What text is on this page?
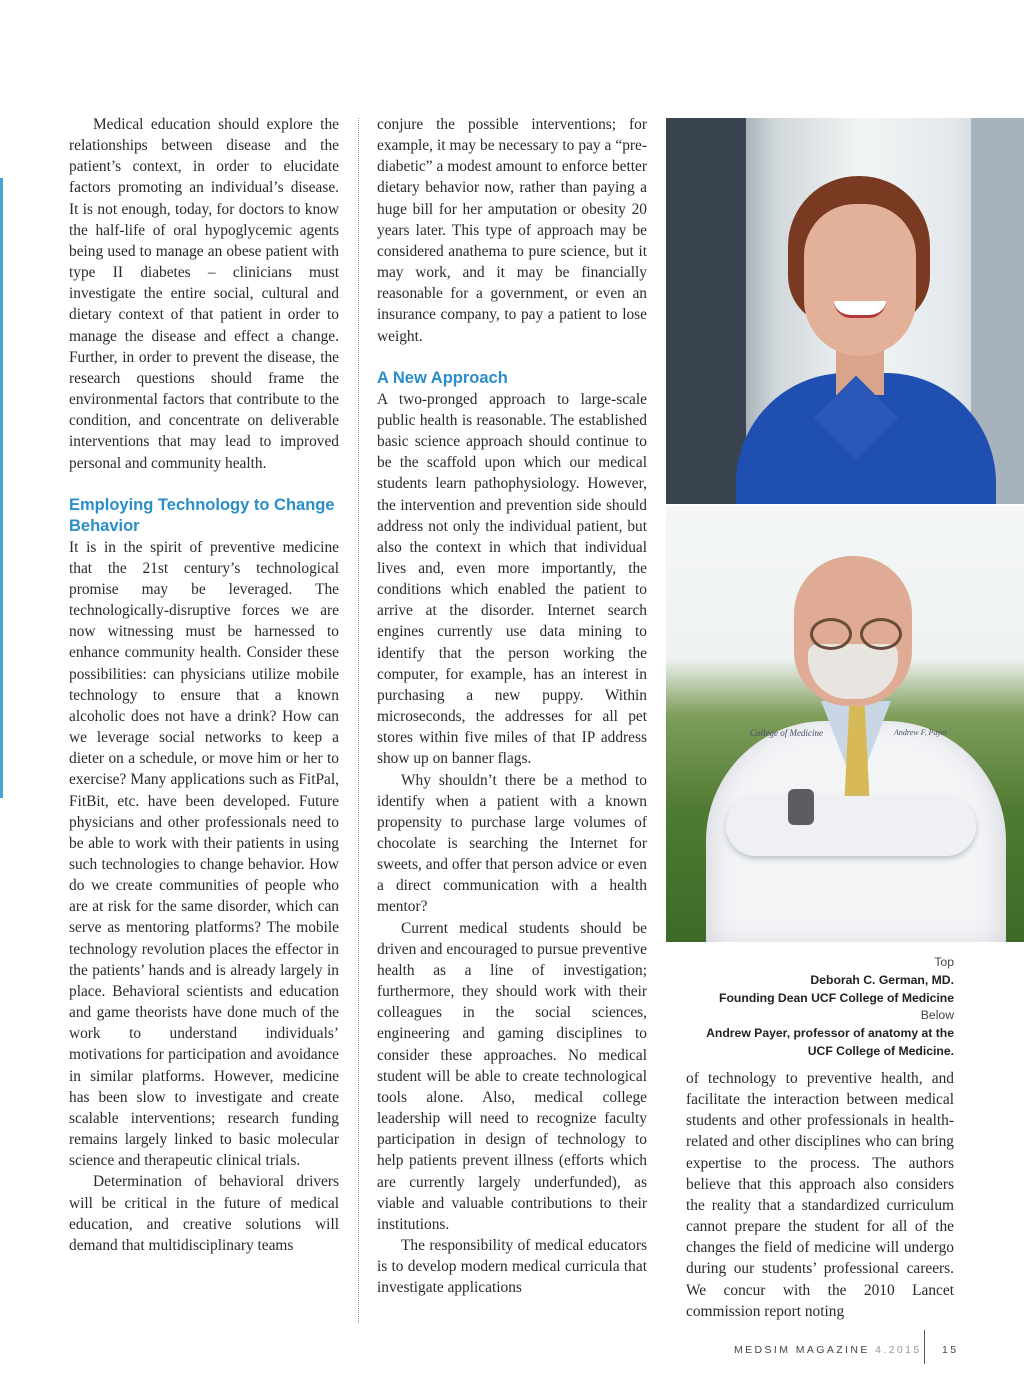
Medical education should explore the relationships between disease and the patient’s context, in order to elucidate factors promoting an individual’s disease. It is not enough, today, for doctors to know the half-life of oral hypoglycemic agents being used to manage an obese patient with type II diabetes – clinicians must investigate the entire social, cultural and dietary context of that patient in order to manage the disease and effect a change. Further, in order to prevent the disease, the research questions should frame the environmental factors that contribute to the condition, and concentrate on deliverable interventions that may lead to improved personal and community health.

Employing Technology to Change Behavior

It is in the spirit of preventive medicine that the 21st century’s technological promise may be leveraged. The technologically-disruptive forces we are now witnessing must be harnessed to enhance community health. Consider these possibilities: can physicians utilize mobile technology to ensure that a known alcoholic does not have a drink? How can we leverage social networks to keep a dieter on a schedule, or move him or her to exercise? Many applications such as FitPal, FitBit, etc. have been developed. Future physicians and other professionals need to be able to work with their patients in using such technologies to change behavior. How do we create communities of people who are at risk for the same disorder, which can serve as mentoring platforms? The mobile technology revolution places the effector in the patients’ hands and is already largely in place. Behavioral scientists and education and game theorists have done much of the work to understand individuals’ motivations for participation and avoidance in similar platforms. However, medicine has been slow to investigate and create scalable interventions; research funding remains largely linked to basic molecular science and therapeutic clinical trials.

Determination of behavioral drivers will be critical in the future of medical education, and creative solutions will demand that multidisciplinary teams

conjure the possible interventions; for example, it may be necessary to pay a “pre-diabetic” a modest amount to enforce better dietary behavior now, rather than paying a huge bill for her amputation or obesity 20 years later. This type of approach may be considered anathema to pure science, but it may work, and it may be financially reasonable for a government, or even an insurance company, to pay a patient to lose weight.

A New Approach

A two-pronged approach to large-scale public health is reasonable. The established basic science approach should continue to be the scaffold upon which our medical students learn pathophysiology. However, the intervention and prevention side should address not only the individual patient, but also the context in which that individual lives and, even more importantly, the conditions which enabled the patient to arrive at the disorder. Internet search engines currently use data mining to identify that the person working the computer, for example, has an interest in purchasing a new puppy. Within microseconds, the addresses for all pet stores within five miles of that IP address show up on banner flags.

Why shouldn’t there be a method to identify when a patient with a known propensity to purchase large volumes of chocolate is searching the Internet for sweets, and offer that person advice or even a direct communication with a health mentor?

Current medical students should be driven and encouraged to pursue preventive health as a line of investigation; furthermore, they should work with their colleagues in the social sciences, engineering and gaming disciplines to consider these approaches. No medical student will be able to create technological tools alone. Also, medical college leadership will need to recognize faculty participation in design of technology to help patients prevent illness (efforts which are currently largely underfunded), as viable and valuable contributions to their institutions.

The responsibility of medical educators is to develop modern medical curricula that investigate applications

College of Medicine	Andrew F. Payer
Top
Deborah C. German, MD.
Founding Dean UCF College of Medicine
Below
Andrew Payer, professor of anatomy at the
UCF College of Medicine.

of technology to preventive health, and facilitate the interaction between medical students and other professionals in health-related and other disciplines who can bring expertise to the process. The authors believe that this approach also considers the reality that a standardized curriculum cannot prepare the student for all of the changes the field of medicine will undergo during our students’ professional careers. We concur with the 2010 Lancet commission report noting

MEDSIM MAGAZINE 4.2015 15
